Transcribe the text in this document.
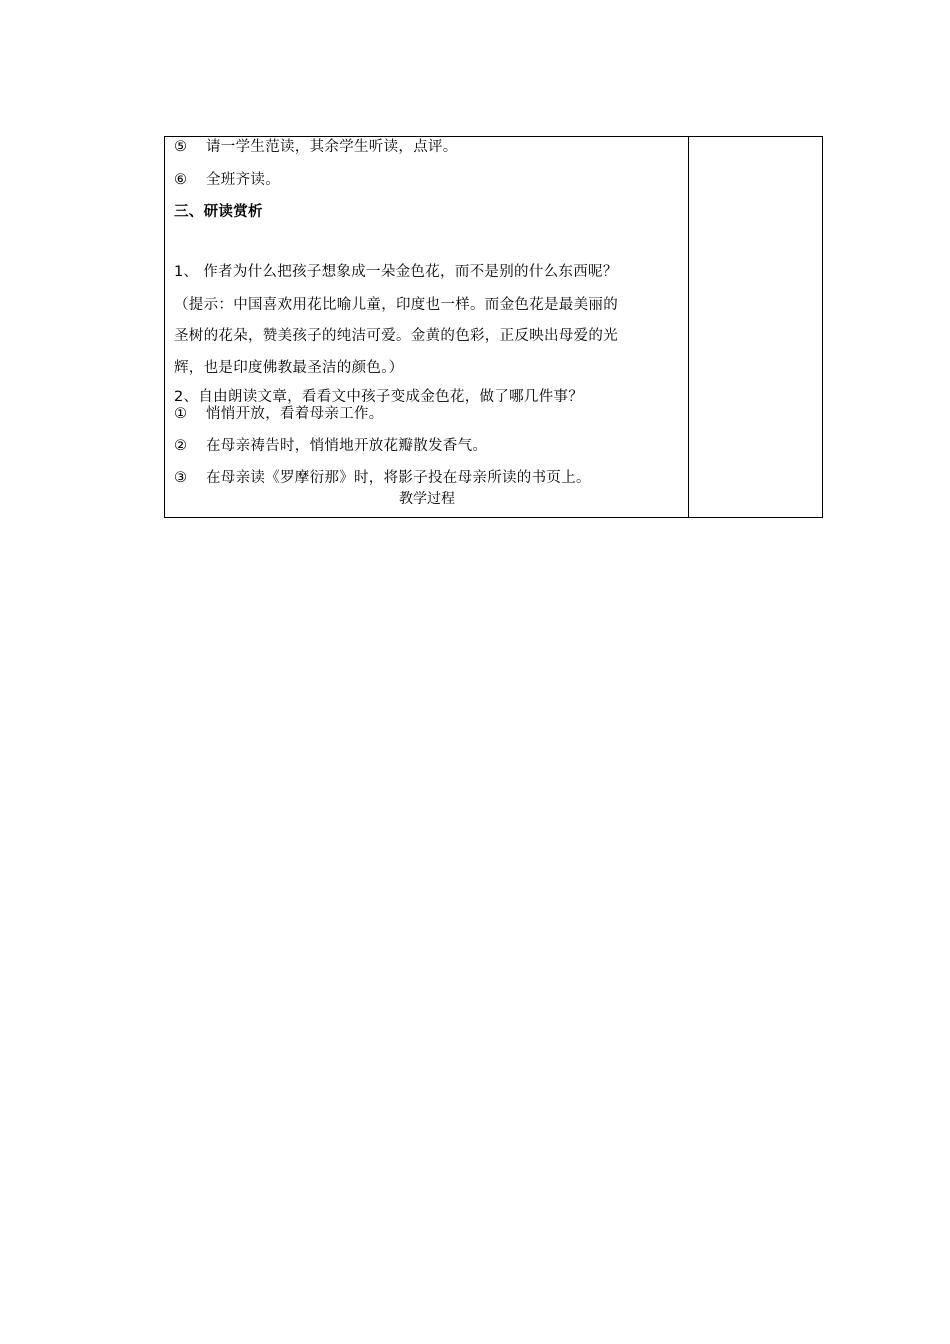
⑤ 请一学生范读，其余学生听读，点评。
⑥ 全班齐读。
三、研读赏析
1、 作者为什么把孩子想象成一朵金色花，而不是别的什么东西呢？
（提示：中国喜欢用花比喻儿童，印度也一样。而金色花是最美丽的
圣树的花朵，赞美孩子的纯洁可爱。金黄的色彩，正反映出母爱的光
辉，也是印度佛教最圣洁的颜色。）
2、自由朗读文章，看看文中孩子变成金色花，做了哪几件事？
① 悄悄开放，看着母亲工作。
② 在母亲祷告时，悄悄地开放花瓣散发香气。
③ 在母亲读《罗摩衍那》时，将影子投在母亲所读的书页上。
教学过程
